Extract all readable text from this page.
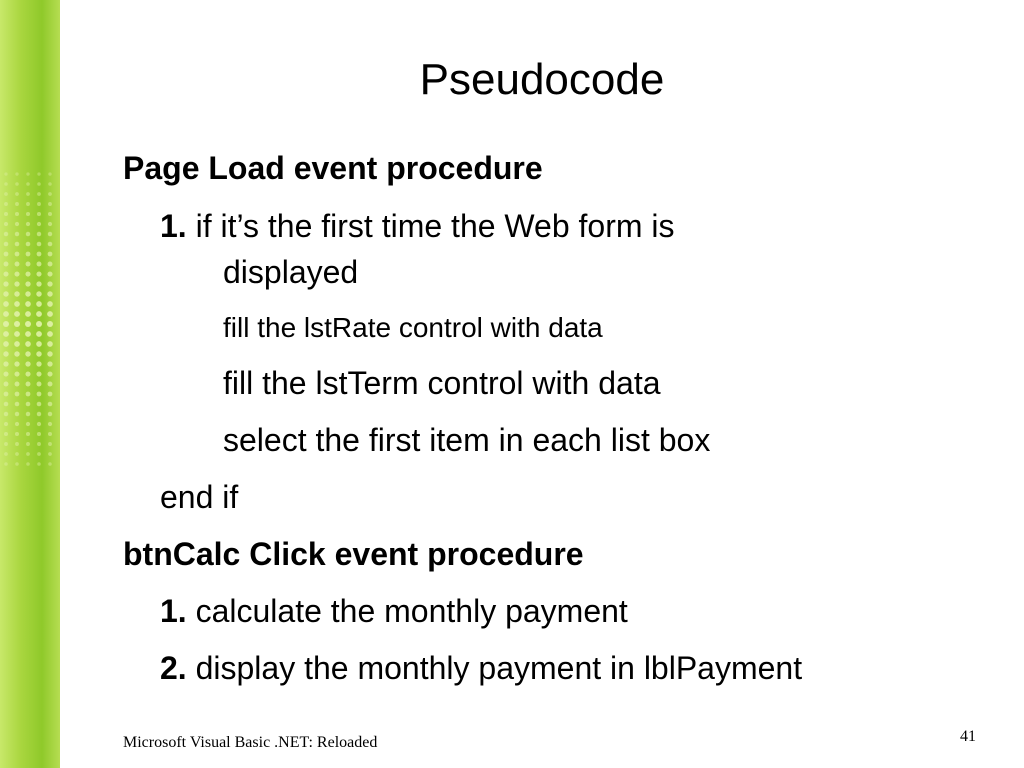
Pseudocode
Page Load event procedure
1. if it’s the first time the Web form is
displayed
fill the lstRate control with data
fill the lstTerm control with data
select the first item in each list box
end if
btnCalc Click event procedure
1. calculate the monthly payment
2. display the monthly payment in lblPayment
Microsoft Visual Basic .NET: Reloaded	41
